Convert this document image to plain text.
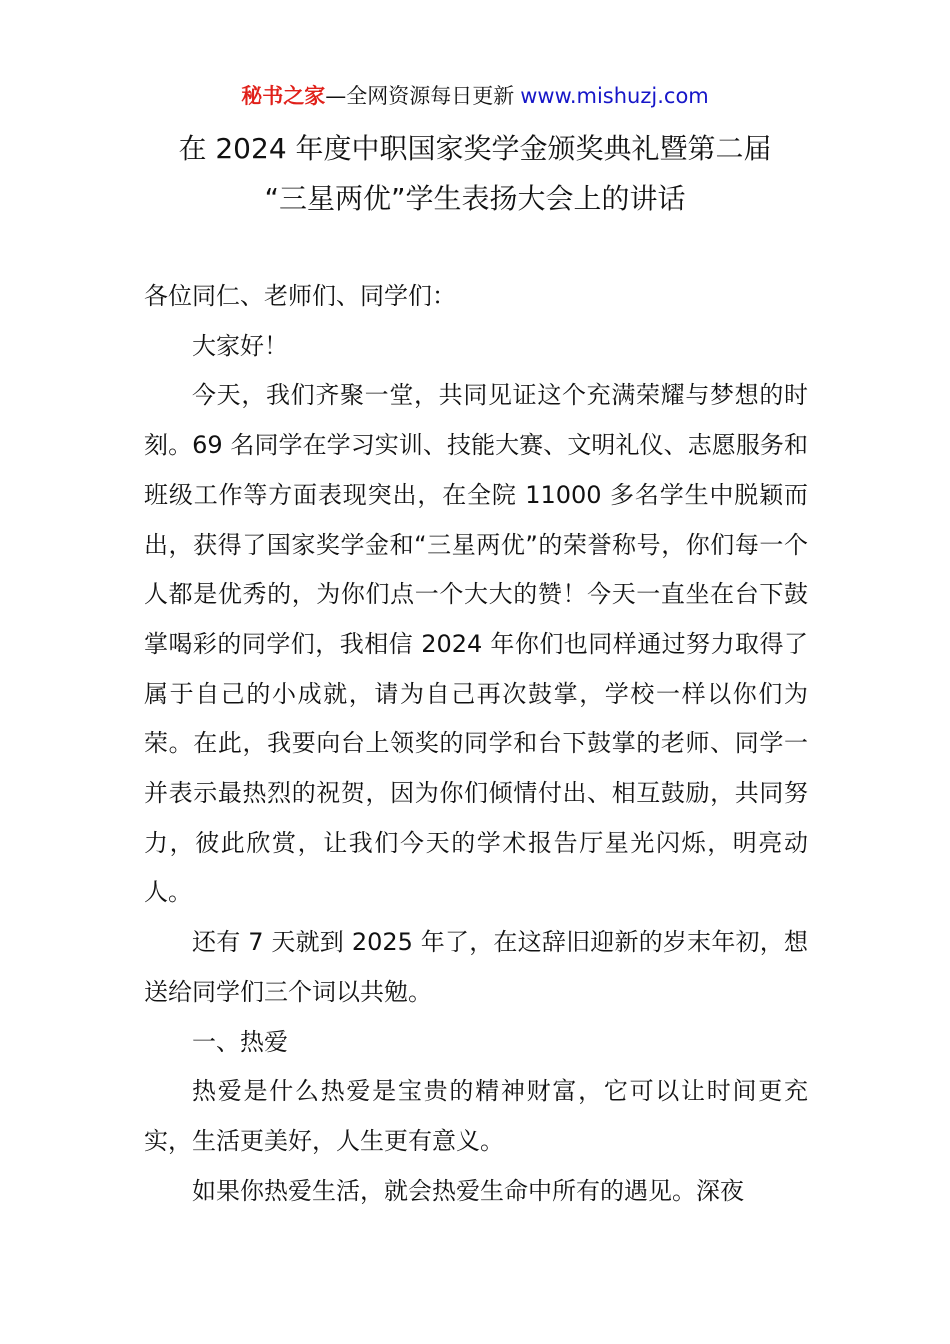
秘书之家—全网资源每日更新 www.mishuzj.com
在 2024 年度中职国家奖学金颁奖典礼暨第二届
“三星两优”学生表扬大会上的讲话

各位同仁、老师们、同学们：

大家好！

今天，我们齐聚一堂，共同见证这个充满荣耀与梦想的时刻。69 名同学在学习实训、技能大赛、文明礼仪、志愿服务和班级工作等方面表现突出，在全院 11000 多名学生中脱颖而出，获得了国家奖学金和“三星两优”的荣誉称号，你们每一个人都是优秀的，为你们点一个大大的赞！今天一直坐在台下鼓掌喝彩的同学们，我相信 2024 年你们也同样通过努力取得了属于自己的小成就，请为自己再次鼓掌，学校一样以你们为荣。在此，我要向台上领奖的同学和台下鼓掌的老师、同学一并表示最热烈的祝贺，因为你们倾情付出、相互鼓励，共同努力，彼此欣赏，让我们今天的学术报告厅星光闪烁，明亮动人。

还有 7 天就到 2025 年了，在这辞旧迎新的岁末年初，想送给同学们三个词以共勉。

一、热爱

热爱是什么热爱是宝贵的精神财富，它可以让时间更充实，生活更美好，人生更有意义。

如果你热爱生活，就会热爱生命中所有的遇见。深夜
